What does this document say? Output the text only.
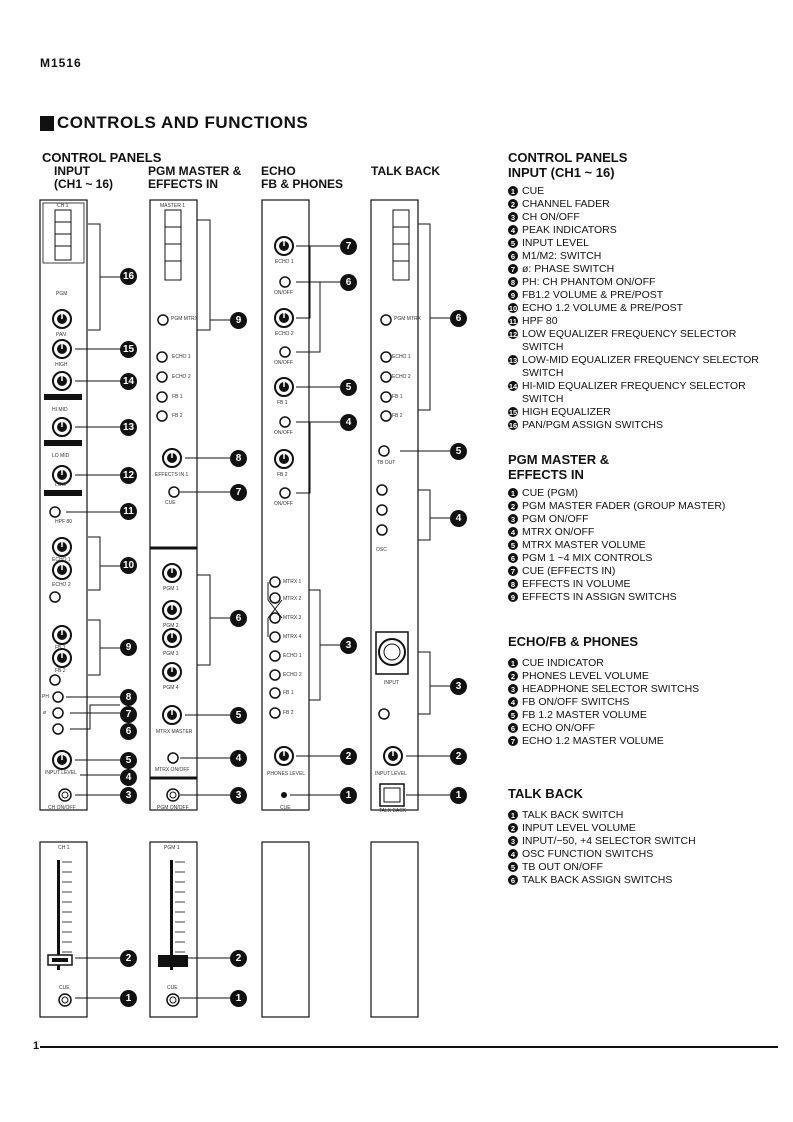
M1516
CONTROLS AND FUNCTIONS
CONTROL PANELS
INPUT
(CH1 ~ 16)
PGM MASTER &
EFFECTS IN
ECHO
FB & PHONES
TALK BACK
CH 1
PGM
PAN
HIGH
HI MID
LO MID
LOW
HPF 80
ECHO 1
ECHO 2
FB 1
FB 2
PH
ø
INPUT LEVEL
CH ON/OFF
MASTER 1
PGM MTRX
ECHO 1
ECHO 2
FB 1
FB 2
EFFECTS IN 1
CUE
PGM 1
PGM 2
PGM 3
PGM 4
MTRX MASTER
MTRX ON/OFF
PGM ON/OFF
ECHO 1
ON/OFF
ECHO 2
ON/OFF
FB 1
ON/OFF
FB 2
ON/OFF
MTRX 1
MTRX 2
MTRX 3
MTRX 4
ECHO 1
ECHO 2
FB 1
FB 2
PHONES LEVEL
CUE
PGM MTRX
ECHO 1
ECHO 2
FB 1
FB 2
TB OUT
OSC
INPUT
INPUT LEVEL
TALK BACK
CH 1	PGM 1
CUE	CUE
16
15
14
13
12
11
10
9
8
7
6
5
4
3
2
1
9
8
7
6
5
4
3
2
1
7
6
5
4
3
2
1
6
5
4
3
2
1
CONTROL PANELS
INPUT (CH1 ~ 16)
1 CUE
2 CHANNEL FADER
3 CH ON/OFF
4 PEAK INDICATORS
5 INPUT LEVEL
6 M1/M2: SWITCH
7 ø: PHASE SWITCH
8 PH: CH PHANTOM ON/OFF
9 FB1.2 VOLUME & PRE/POST
10 ECHO 1.2 VOLUME & PRE/POST
11 HPF 80
12 LOW EQUALIZER FREQUENCY SELECTOR SWITCH
13 LOW-MID EQUALIZER FREQUENCY SELECTOR SWITCH
14 HI-MID EQUALIZER FREQUENCY SELECTOR SWITCH
15 HIGH EQUALIZER
16 PAN/PGM ASSIGN SWITCHS
PGM MASTER &
EFFECTS IN
1 CUE (PGM)
2 PGM MASTER FADER (GROUP MASTER)
3 PGM ON/OFF
4 MTRX ON/OFF
5 MTRX MASTER VOLUME
6 PGM 1 ~4 MIX CONTROLS
7 CUE (EFFECTS IN)
8 EFFECTS IN VOLUME
9 EFFECTS IN ASSIGN SWITCHS
ECHO/FB & PHONES
1 CUE INDICATOR
2 PHONES LEVEL VOLUME
3 HEADPHONE SELECTOR SWITCHS
4 FB ON/OFF SWITCHS
5 FB 1.2 MASTER VOLUME
6 ECHO ON/OFF
7 ECHO 1.2 MASTER VOLUME
TALK BACK
1 TALK BACK SWITCH
2 INPUT LEVEL VOLUME
3 INPUT/−50, +4 SELECTOR SWITCH
4 OSC FUNCTION SWITCHS
5 TB OUT ON/OFF
6 TALK BACK ASSIGN SWITCHS
1
